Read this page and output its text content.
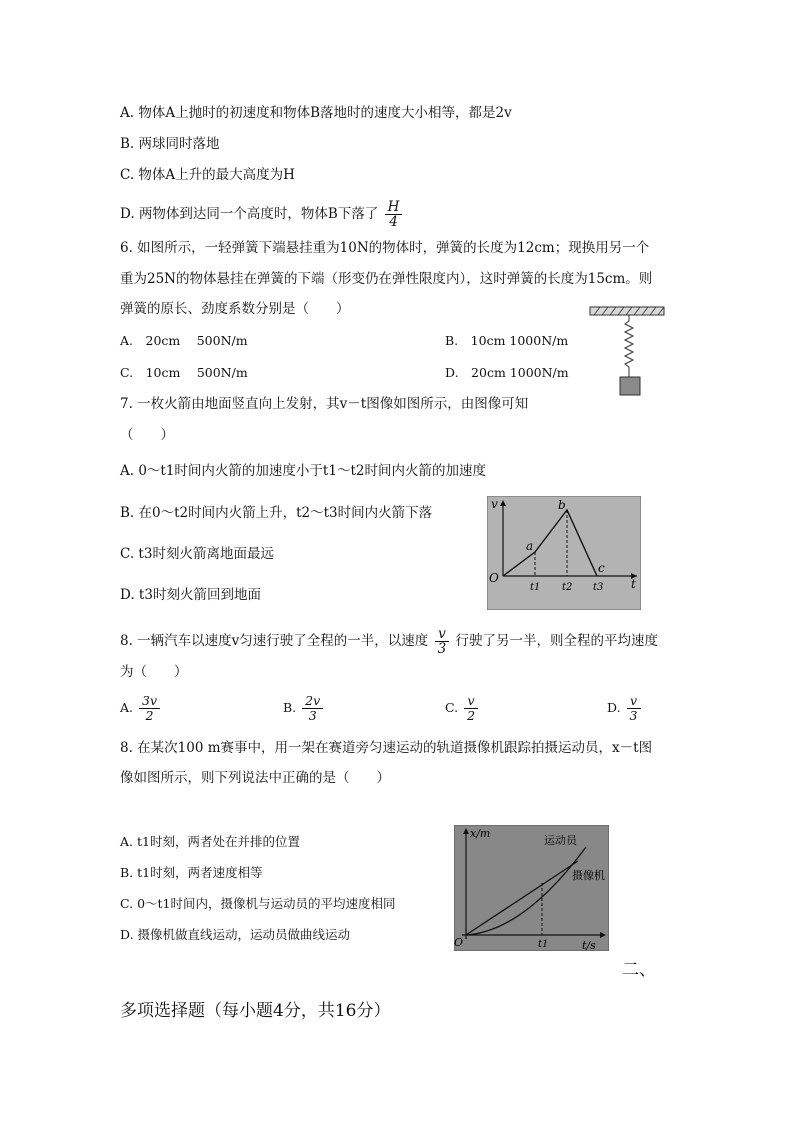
A. 物体A上抛时的初速度和物体B落地时的速度大小相等，都是2v
B. 两球同时落地
C. 物体A上升的最大高度为H
D. 两物体到达同一个高度时，物体B下落了 $\frac{H}{4}$
6. 如图所示，一轻弹簧下端悬挂重为10N的物体时，弹簧的长度为12cm；现换用另一个
重为25N的物体悬挂在弹簧的下端（形变仍在弹性限度内），这时弹簧的长度为15cm。则
弹簧的原长、劲度系数分别是（　　）
A.　20cm　 500N/m	B.　10cm 1000N/m
C.　10cm　 500N/m	D.　20cm 1000N/m
7. 一枚火箭由地面竖直向上发射，其v－t图像如图所示，由图像可知
（　　）
A. 0～t1时间内火箭的加速度小于t1～t2时间内火箭的加速度
B. 在0～t2时间内火箭上升，t2～t3时间内火箭下落
C. t3时刻火箭离地面最远
D. t3时刻火箭回到地面
v
t
O
a
b
c
t1 t2 t3
8. 一辆汽车以速度v匀速行驶了全程的一半，以速度 $\frac{v}{3}$ 行驶了另一半，则全程的平均速度
为（　　）
A. $\frac{3v}{2}$	B. $\frac{2v}{3}$	C. $\frac{v}{2}$	D. $\frac{v}{3}$
8. 在某次100 m赛事中，用一架在赛道旁匀速运动的轨道摄像机跟踪拍摄运动员，x－t图
像如图所示，则下列说法中正确的是（　　）
A. t1时刻，两者处在并排的位置
B. t1时刻，两者速度相等
C. 0～t1时间内，摄像机与运动员的平均速度相同
D. 摄像机做直线运动，运动员做曲线运动
x/m
t/s
O
运动员
摄像机
t1
二、
多项选择题（每小题4分，共16分）
